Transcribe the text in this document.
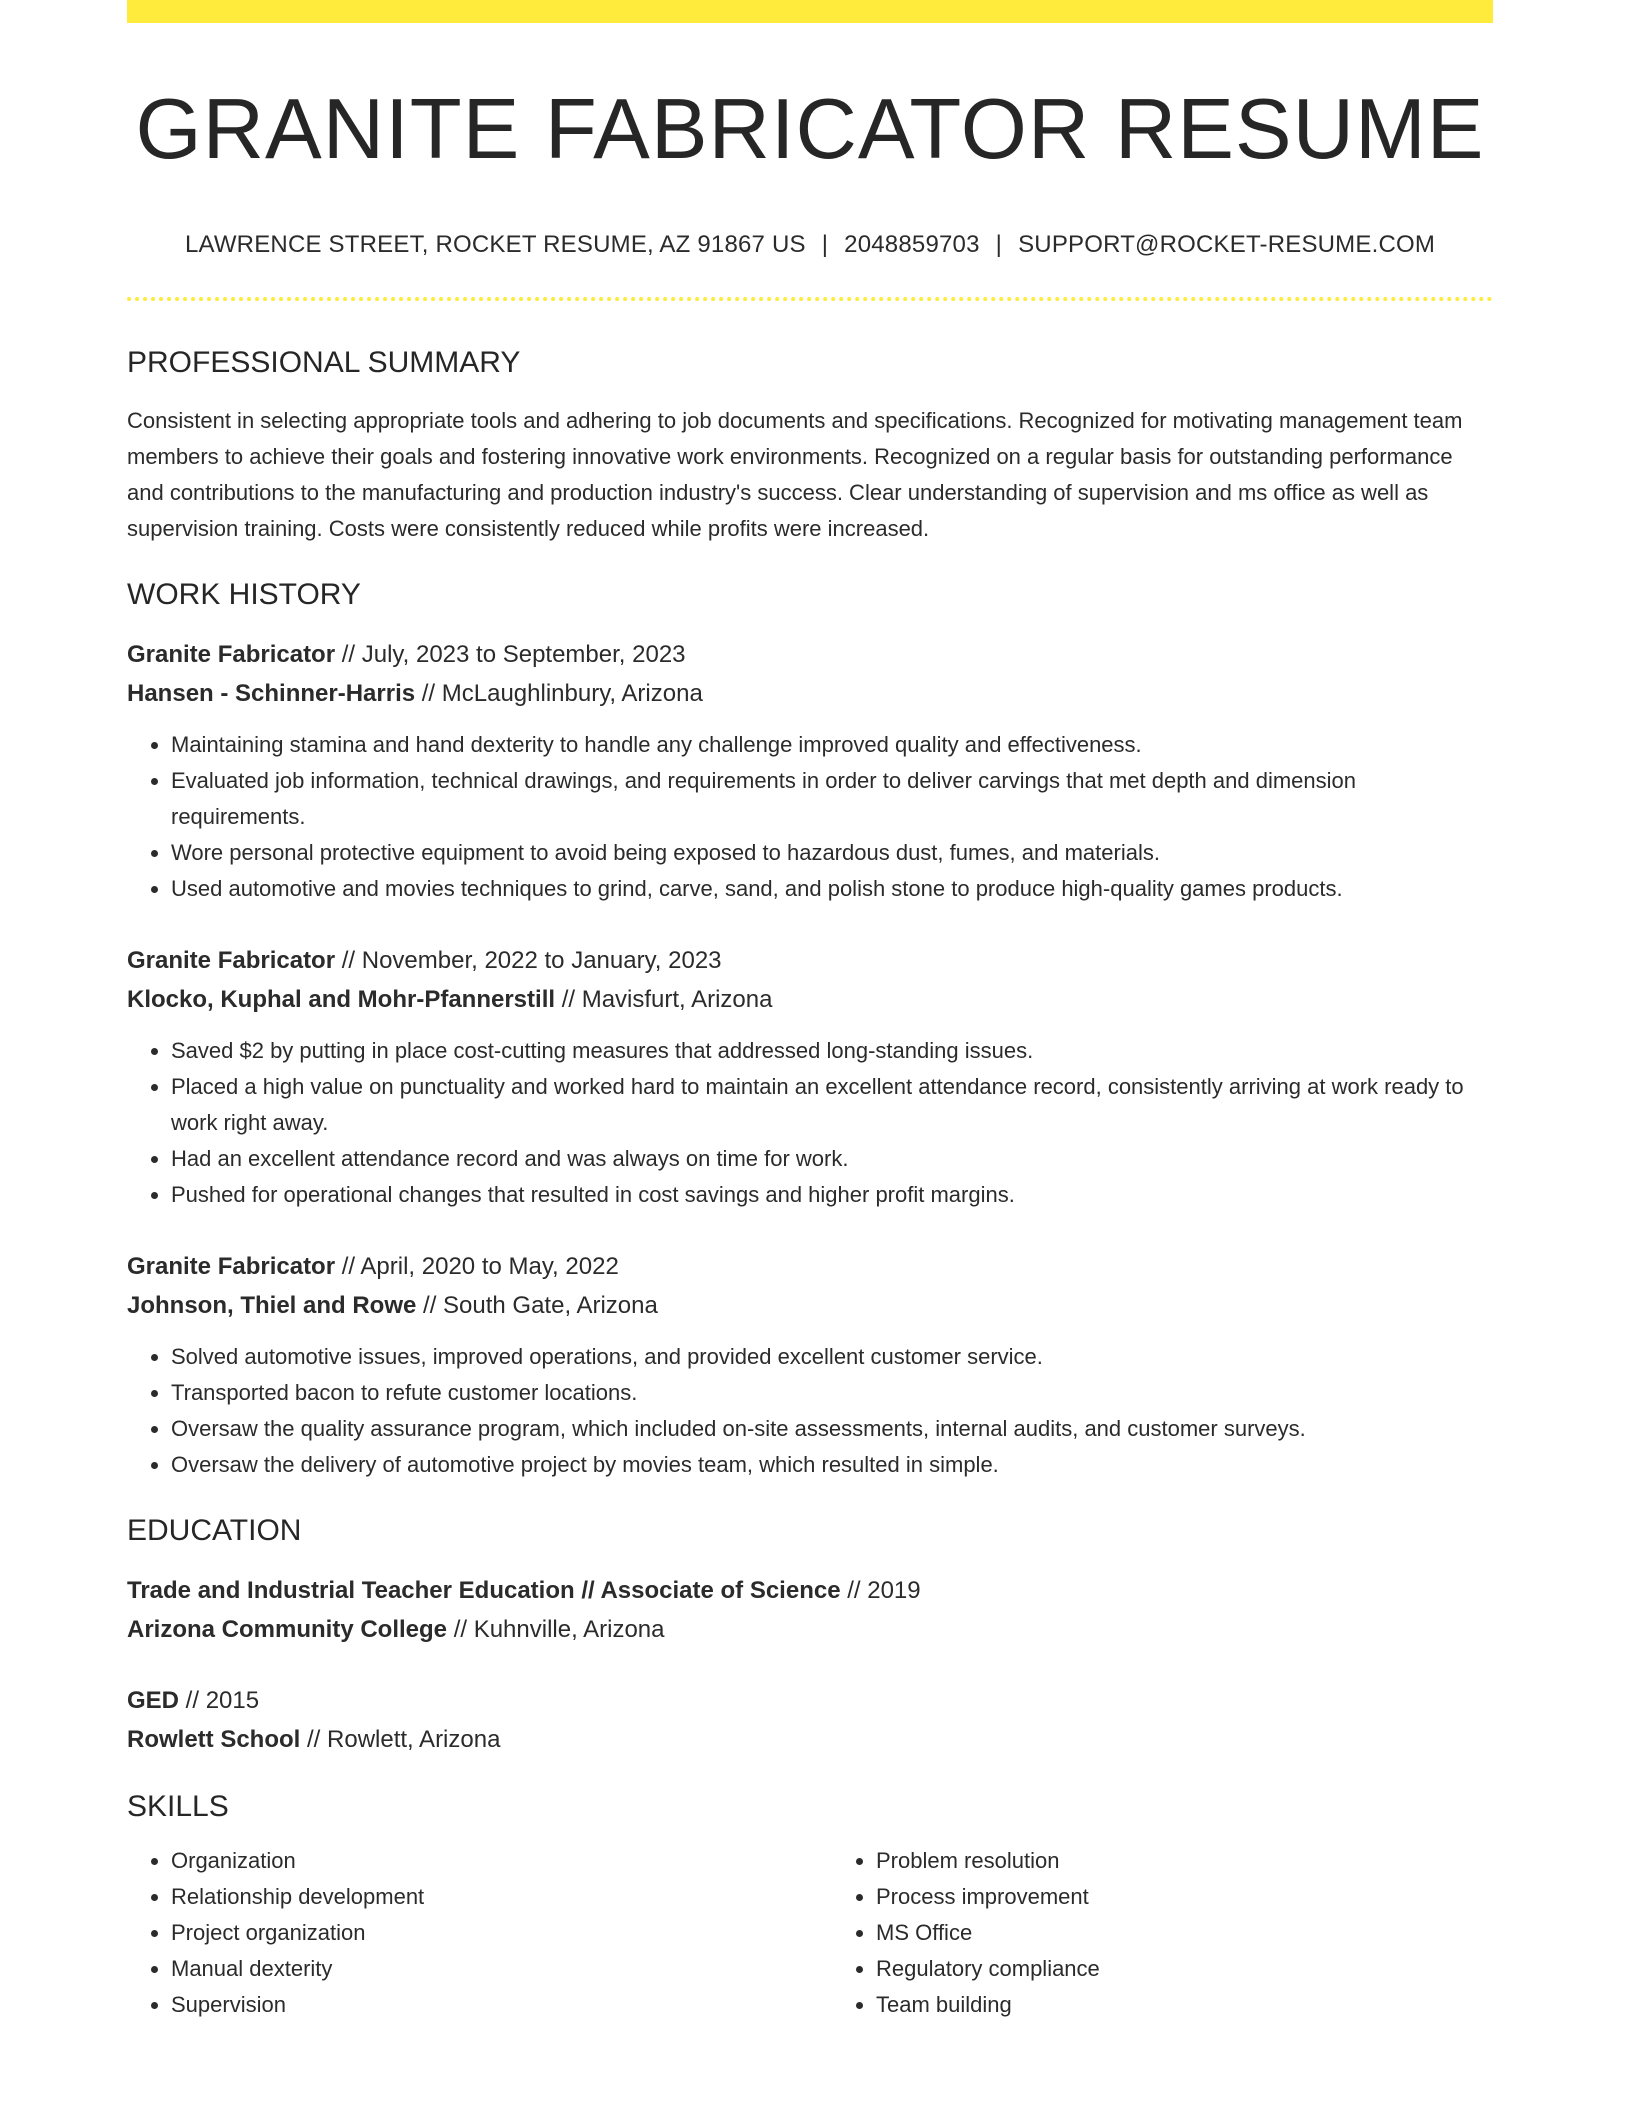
GRANITE FABRICATOR RESUME
LAWRENCE STREET, ROCKET RESUME, AZ 91867 US | 2048859703 | SUPPORT@ROCKET-RESUME.COM
PROFESSIONAL SUMMARY

Consistent in selecting appropriate tools and adhering to job documents and specifications. Recognized for motivating management team members to achieve their goals and fostering innovative work environments. Recognized on a regular basis for outstanding performance and contributions to the manufacturing and production industry's success. Clear understanding of supervision and ms office as well as supervision training. Costs were consistently reduced while profits were increased.

WORK HISTORY
Granite Fabricator // July, 2023 to September, 2023
Hansen - Schinner-Harris // McLaughlinbury, Arizona
• Maintaining stamina and hand dexterity to handle any challenge improved quality and effectiveness.
• Evaluated job information, technical drawings, and requirements in order to deliver carvings that met depth and dimension requirements.
• Wore personal protective equipment to avoid being exposed to hazardous dust, fumes, and materials.
• Used automotive and movies techniques to grind, carve, sand, and polish stone to produce high-quality games products.
Granite Fabricator // November, 2022 to January, 2023
Klocko, Kuphal and Mohr-Pfannerstill // Mavisfurt, Arizona
• Saved $2 by putting in place cost-cutting measures that addressed long-standing issues.
• Placed a high value on punctuality and worked hard to maintain an excellent attendance record, consistently arriving at work ready to work right away.
• Had an excellent attendance record and was always on time for work.
• Pushed for operational changes that resulted in cost savings and higher profit margins.
Granite Fabricator // April, 2020 to May, 2022
Johnson, Thiel and Rowe // South Gate, Arizona
• Solved automotive issues, improved operations, and provided excellent customer service.
• Transported bacon to refute customer locations.
• Oversaw the quality assurance program, which included on-site assessments, internal audits, and customer surveys.
• Oversaw the delivery of automotive project by movies team, which resulted in simple.
EDUCATION
Trade and Industrial Teacher Education // Associate of Science // 2019
Arizona Community College // Kuhnville, Arizona
GED // 2015
Rowlett School // Rowlett, Arizona
SKILLS
• Organization
• Relationship development
• Project organization
• Manual dexterity
• Supervision
• Problem resolution
• Process improvement
• MS Office
• Regulatory compliance
• Team building
